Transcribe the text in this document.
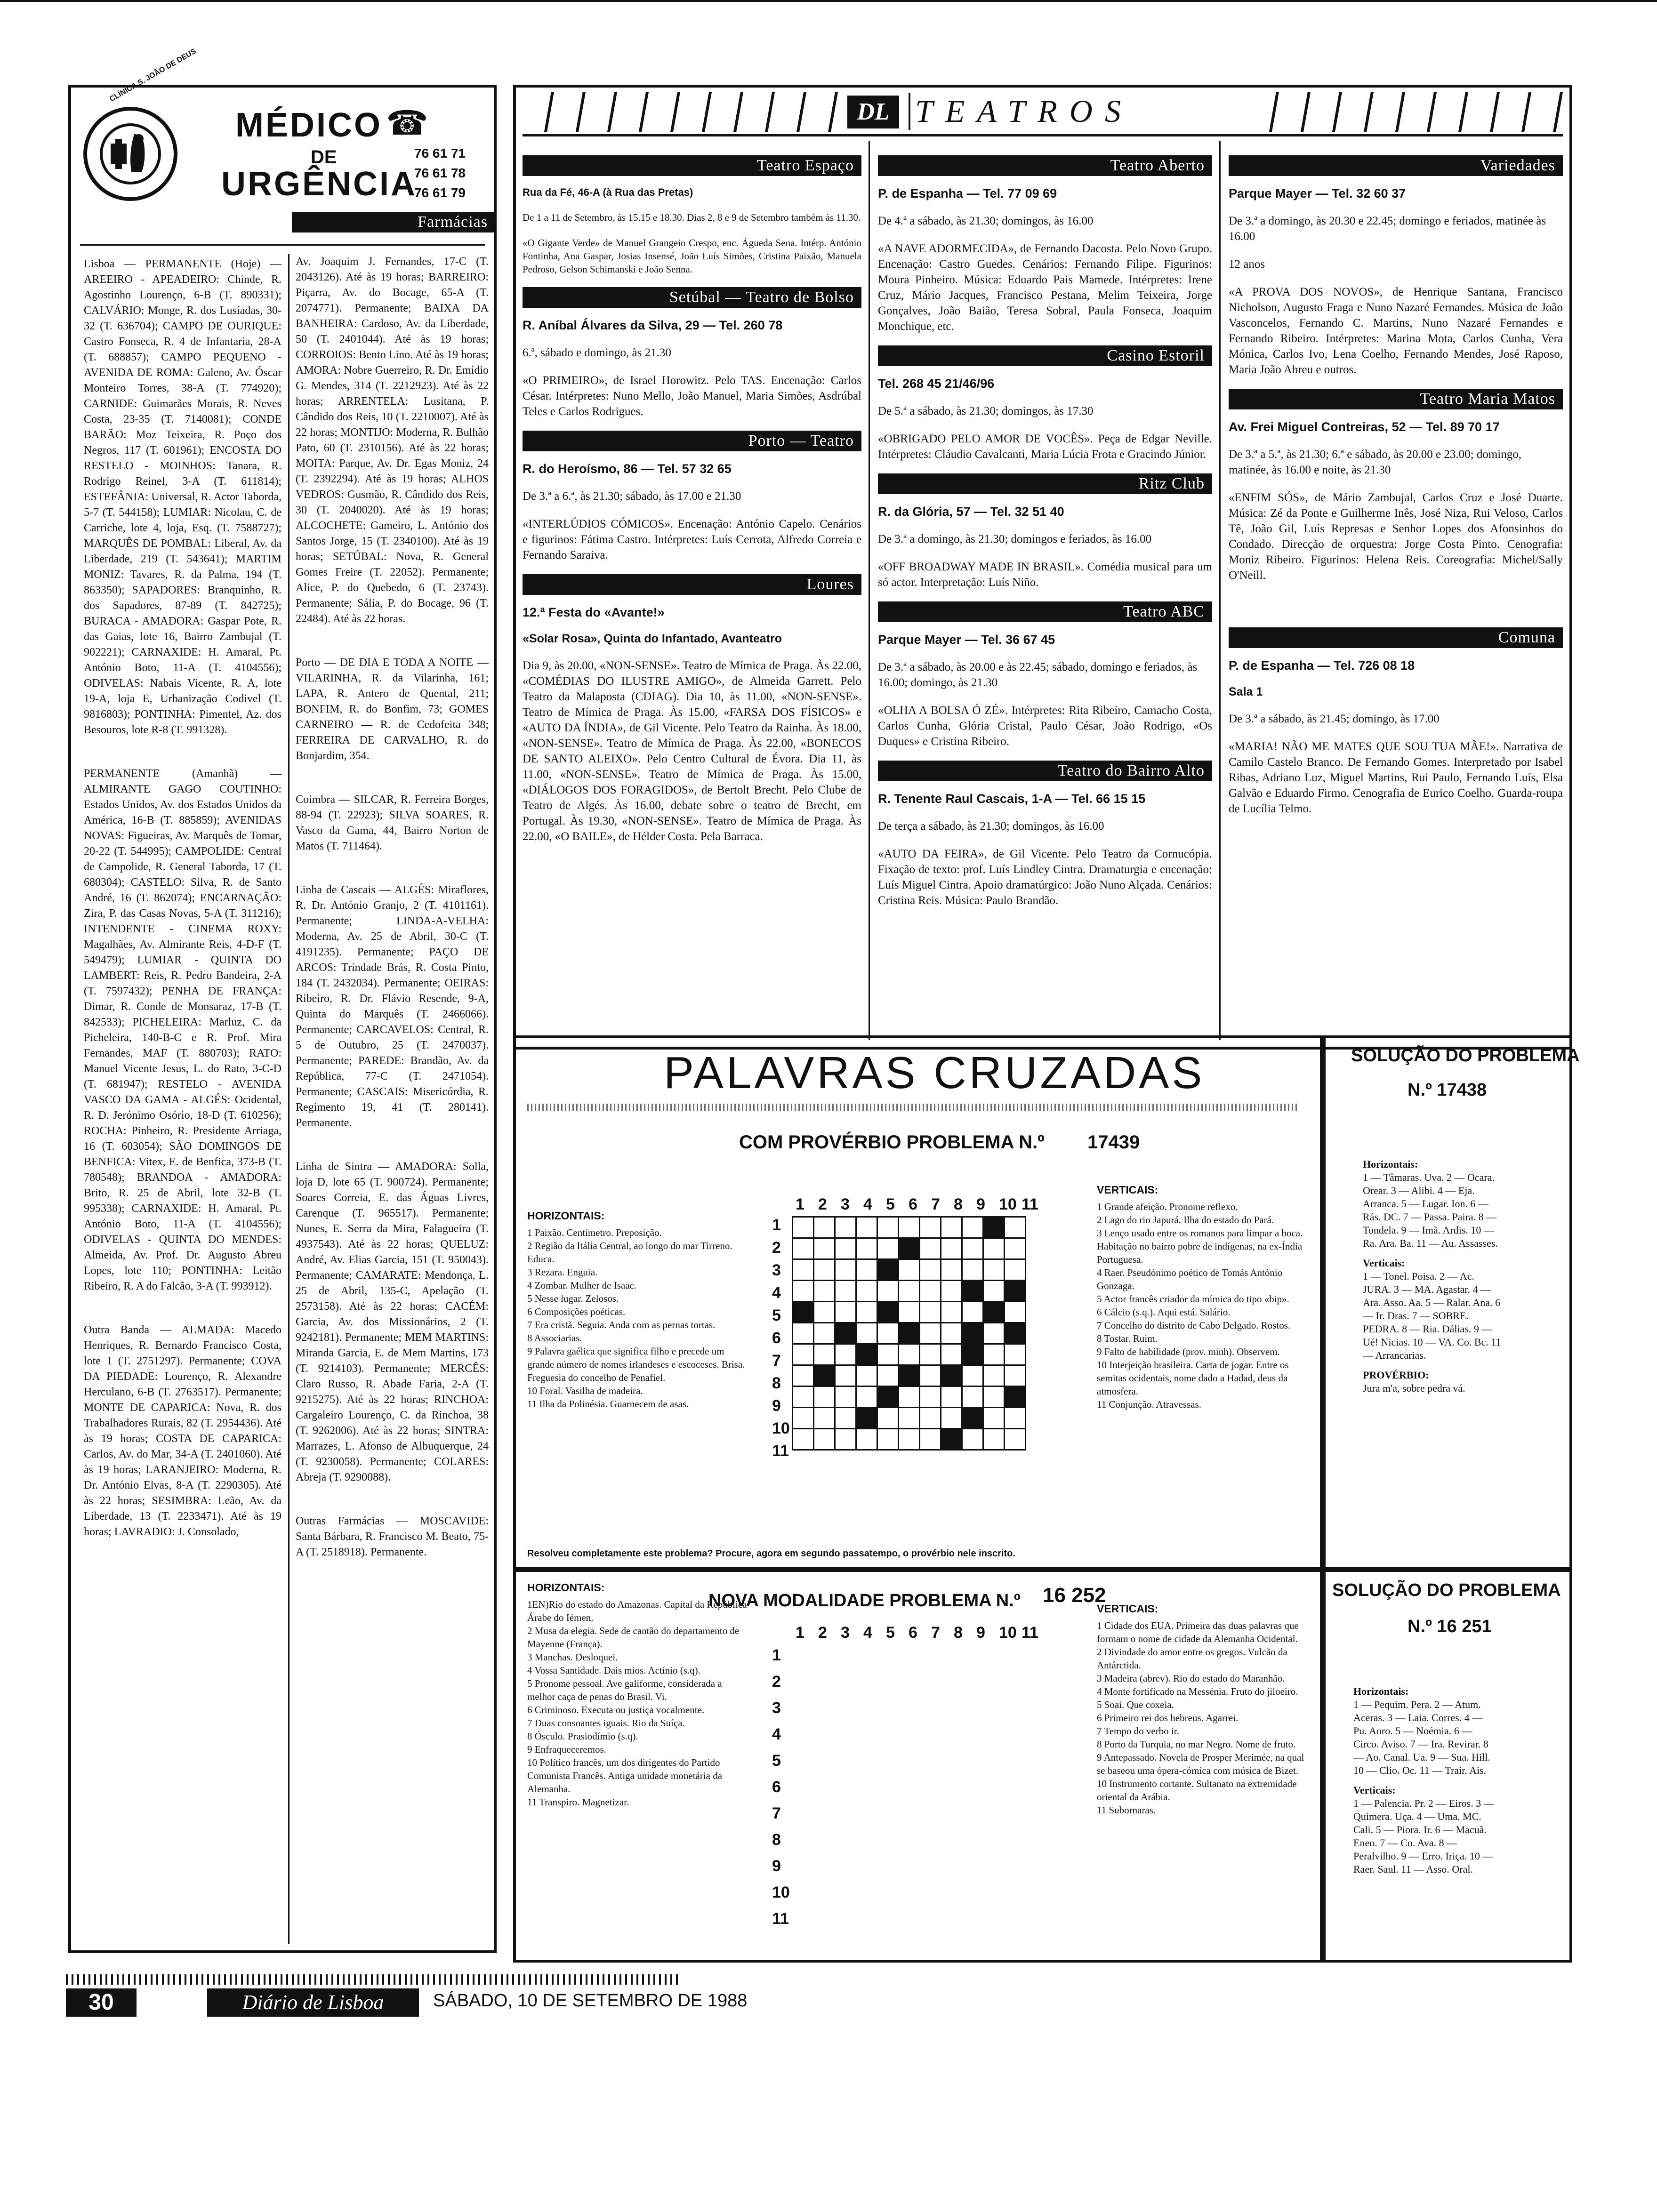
CLÍNICA S. JOÃO DE DEUS
MÉDICO ☎
DE
URGÊNCIA
76 61 71
76 61 78
76 61 79
Farmácias

Lisboa — PERMANENTE (Hoje) — AREEIRO - APEADEIRO: Chinde, R. Agostinho Lourenço, 6-B (T. 890331); CALVÁRIO: Monge, R. dos Lusíadas, 30-32 (T. 636704); CAMPO DE OURIQUE: Castro Fonseca, R. 4 de Infantaria, 28-A (T. 688857); CAMPO PEQUENO - AVENIDA DE ROMA: Galeno, Av. Óscar Monteiro Torres, 38-A (T. 774920); CARNIDE: Guimarães Morais, R. Neves Costa, 23-35 (T. 7140081); CONDE BARÃO: Moz Teixeira, R. Poço dos Negros, 117 (T. 601961); ENCOSTA DO RESTELO - MOINHOS: Tanara, R. Rodrigo Reinel, 3-A (T. 611814); ESTEFÂNIA: Universal, R. Actor Taborda, 5-7 (T. 544158); LUMIAR: Nicolau, C. de Carriche, lote 4, loja, Esq. (T. 7588727); MARQUÊS DE POMBAL: Liberal, Av. da Liberdade, 219 (T. 543641); MARTIM MONIZ: Tavares, R. da Palma, 194 (T. 863350); SAPADORES: Branquinho, R. dos Sapadores, 87-89 (T. 842725); BURACA - AMADORA: Gaspar Pote, R. das Gaias, lote 16, Bairro Zambujal (T. 902221); CARNAXIDE: H. Amaral, Pt. António Boto, 11-A (T. 4104556); ODIVELAS: Nabais Vicente, R. A, lote 19-A, loja E, Urbanização Codivel (T. 9816803); PONTINHA: Pimentel, Az. dos Besouros, lote R-8 (T. 991328).

PERMANENTE (Amanhã) — ALMIRANTE GAGO COUTINHO: Estados Unidos, Av. dos Estados Unidos da América, 16-B (T. 885859); AVENIDAS NOVAS: Figueiras, Av. Marquês de Tomar, 20-22 (T. 544995); CAMPOLIDE: Central de Campolide, R. General Taborda, 17 (T. 680304); CASTELO: Silva, R. de Santo André, 16 (T. 862074); ENCARNAÇÃO: Zira, P. das Casas Novas, 5-A (T. 311216); INTENDENTE - CINEMA ROXY: Magalhães, Av. Almirante Reis, 4-D-F (T. 549479); LUMIAR - QUINTA DO LAMBERT: Reis, R. Pedro Bandeira, 2-A (T. 7597432); PENHA DE FRANÇA: Dimar, R. Conde de Monsaraz, 17-B (T. 842533); PICHELEIRA: Marluz, C. da Picheleira, 140-B-C e R. Prof. Mira Fernandes, MAF (T. 880703); RATO: Manuel Vicente Jesus, L. do Rato, 3-C-D (T. 681947); RESTELO - AVENIDA VASCO DA GAMA - ALGÉS: Ocidental, R. D. Jerónimo Osório, 18-D (T. 610256); ROCHA: Pinheiro, R. Presidente Arriaga, 16 (T. 603054); SÃO DOMINGOS DE BENFICA: Vitex, E. de Benfica, 373-B (T. 780548); BRANDOA - AMADORA: Brito, R. 25 de Abril, lote 32-B (T. 995338); CARNAXIDE: H. Amaral, Pt. António Boto, 11-A (T. 4104556); ODIVELAS - QUINTA DO MENDES: Almeida, Av. Prof. Dr. Augusto Abreu Lopes, lote 110; PONTINHA: Leitão Ribeiro, R. A do Falcão, 3-A (T. 993912).

Outra Banda — ALMADA: Macedo Henriques, R. Bernardo Francisco Costa, lote 1 (T. 2751297). Permanente; COVA DA PIEDADE: Lourenço, R. Alexandre Herculano, 6-B (T. 2763517). Permanente; MONTE DE CAPARICA: Nova, R. dos Trabalhadores Rurais, 82 (T. 2954436). Até às 19 horas; COSTA DE CAPARICA: Carlos, Av. do Mar, 34-A (T. 2401060). Até às 19 horas; LARANJEIRO: Moderna, R. Dr. António Elvas, 8-A (T. 2290305). Até às 22 horas; SESIMBRA: Leão, Av. da Liberdade, 13 (T. 2233471). Até às 19 horas; LAVRADIO: J. Consolado,

Av. Joaquim J. Fernandes, 17-C (T. 2043126). Até às 19 horas; BARREIRO: Piçarra, Av. do Bocage, 65-A (T. 2074771). Permanente; BAIXA DA BANHEIRA: Cardoso, Av. da Liberdade, 50 (T. 2401044). Até às 19 horas; CORROIOS: Bento Lino. Até às 19 horas; AMORA: Nobre Guerreiro, R. Dr. Emídio G. Mendes, 314 (T. 2212923). Até às 22 horas; ARRENTELA: Lusitana, P. Cândido dos Reis, 10 (T. 2210007). Até às 22 horas; MONTIJO: Moderna, R. Bulhão Pato, 60 (T. 2310156). Até às 22 horas; MOITA: Parque, Av. Dr. Egas Moniz, 24 (T. 2392294). Até às 19 horas; ALHOS VEDROS: Gusmão, R. Cândido dos Reis, 30 (T. 2040020). Até às 19 horas; ALCOCHETE: Gameiro, L. António dos Santos Jorge, 15 (T. 2340100). Até às 19 horas; SETÚBAL: Nova, R. General Gomes Freire (T. 22052). Permanente; Alice, P. do Quebedo, 6 (T. 23743). Permanente; Sália, P. do Bocage, 96 (T. 22484). Até às 22 horas.

Porto — DE DIA E TODA A NOITE — VILARINHA, R. da Vilarinha, 161; LAPA, R. Antero de Quental, 211; BONFIM, R. do Bonfim, 73; GOMES CARNEIRO — R. de Cedofeita 348; FERREIRA DE CARVALHO, R. do Bonjardim, 354.

Coimbra — SILCAR, R. Ferreira Borges, 88-94 (T. 22923); SILVA SOARES, R. Vasco da Gama, 44, Bairro Norton de Matos (T. 711464).

Linha de Cascais — ALGÉS: Miraflores, R. Dr. António Granjo, 2 (T. 4101161). Permanente; LINDA-A-VELHA: Moderna, Av. 25 de Abril, 30-C (T. 4191235). Permanente; PAÇO DE ARCOS: Trindade Brás, R. Costa Pinto, 184 (T. 2432034). Permanente; OEIRAS: Ribeiro, R. Dr. Flávio Resende, 9-A, Quinta do Marquês (T. 2466066). Permanente; CARCAVELOS: Central, R. 5 de Outubro, 25 (T. 2470037). Permanente; PAREDE: Brandão, Av. da República, 77-C (T. 2471054). Permanente; CASCAIS: Misericórdia, R. Regimento 19, 41 (T. 280141). Permanente.

Linha de Sintra — AMADORA: Solla, loja D, lote 65 (T. 900724). Permanente; Soares Correia, E. das Águas Livres, Carenque (T. 965517). Permanente; Nunes, E. Serra da Mira, Falagueira (T. 4937543). Até às 22 horas; QUELUZ: André, Av. Elias Garcia, 151 (T. 950043). Permanente; CAMARATE: Mendonça, L. 25 de Abril, 135-C, Apelação (T. 2573158). Até às 22 horas; CACÉM: Garcia, Av. dos Missionários, 2 (T. 9242181). Permanente; MEM MARTINS: Miranda Garcia, E. de Mem Martins, 173 (T. 9214103). Permanente; MERCÊS: Claro Russo, R. Abade Faria, 2-A (T. 9215275). Até às 22 horas; RINCHOA: Cargaleiro Lourenço, C. da Rinchoa, 38 (T. 9262006). Até às 22 horas; SINTRA: Marrazes, L. Afonso de Albuquerque, 24 (T. 9230058). Permanente; COLARES: Abreja (T. 9290088).

Outras Farmácias — MOSCAVIDE: Santa Bárbara, R. Francisco M. Beato, 75-A (T. 2518918). Permanente.

DL TEATROS
Teatro Espaço
Rua da Fé, 46-A (à Rua das Pretas)
De 1 a 11 de Setembro, às 15.15 e 18.30. Dias 2, 8 e 9 de Setembro também às 11.30.
«O Gigante Verde» de Manuel Grangeio Crespo, enc. Águeda Sena. Intérp. António Fontinha, Ana Gaspar, Josias Insensé, João Luís Simões, Cristina Paixão, Manuela Pedroso, Gelson Schimanski e João Senna.
Setúbal — Teatro de Bolso
R. Aníbal Álvares da Silva, 29 — Tel. 260 78
6.ª, sábado e domingo, às 21.30
«O PRIMEIRO», de Israel Horowitz. Pelo TAS. Encenação: Carlos César. Intérpretes: Nuno Mello, João Manuel, Maria Simões, Asdrúbal Teles e Carlos Rodrigues.
Porto — Teatro
R. do Heroísmo, 86 — Tel. 57 32 65
De 3.ª a 6.ª, às 21.30; sábado, às 17.00 e 21.30
«INTERLÚDIOS CÓMICOS». Encenação: António Capelo. Cenários e figurinos: Fátima Castro. Intérpretes: Luís Cerrota, Alfredo Correia e Fernando Saraiva.
Loures
12.ª Festa do «Avante!»
«Solar Rosa», Quinta do Infantado, Avanteatro
Dia 9, às 20.00, «NON-SENSE». Teatro de Mímica de Praga. Às 22.00, «COMÉDIAS DO ILUSTRE AMIGO», de Almeida Garrett. Pelo Teatro da Malaposta (CDIAG). Dia 10, às 11.00, «NON-SENSE». Teatro de Mímica de Praga. Às 15.00, «FARSA DOS FÍSICOS» e «AUTO DA ÍNDIA», de Gil Vicente. Pelo Teatro da Rainha. Às 18.00, «NON-SENSE». Teatro de Mímica de Praga. Às 22.00, «BONECOS DE SANTO ALEIXO». Pelo Centro Cultural de Évora. Dia 11, às 11.00, «NON-SENSE». Teatro de Mímica de Praga. Às 15.00, «DIÁLOGOS DOS FORAGIDOS», de Bertolt Brecht. Pelo Clube de Teatro de Algés. Às 16.00, debate sobre o teatro de Brecht, em Portugal. Às 19.30, «NON-SENSE». Teatro de Mímica de Praga. Às 22.00, «O BAILE», de Hélder Costa. Pela Barraca.
Teatro Aberto
P. de Espanha — Tel. 77 09 69
De 4.ª a sábado, às 21.30; domingos, às 16.00
«A NAVE ADORMECIDA», de Fernando Dacosta. Pelo Novo Grupo. Encenação: Castro Guedes. Cenários: Fernando Filipe. Figurinos: Moura Pinheiro. Música: Eduardo Pais Mamede. Intérpretes: Irene Cruz, Mário Jacques, Francisco Pestana, Melim Teixeira, Jorge Gonçalves, João Baião, Teresa Sobral, Paula Fonseca, Joaquim Monchique, etc.
Casino Estoril
Tel. 268 45 21/46/96
De 5.ª a sábado, às 21.30; domingos, às 17.30
«OBRIGADO PELO AMOR DE VOCÊS». Peça de Edgar Neville. Intérpretes: Cláudio Cavalcanti, Maria Lúcia Frota e Gracindo Júnior.
Ritz Club
R. da Glória, 57 — Tel. 32 51 40
De 3.ª a domingo, às 21.30; domingos e feriados, às 16.00
«OFF BROADWAY MADE IN BRASIL». Comédia musical para um só actor. Interpretação: Luís Niño.
Teatro ABC
Parque Mayer — Tel. 36 67 45
De 3.ª a sábado, às 20.00 e às 22.45; sábado, domingo e feriados, às 16.00; domingo, às 21.30
«OLHA A BOLSA Ó ZÉ». Intérpretes: Rita Ribeiro, Camacho Costa, Carlos Cunha, Glória Cristal, Paulo César, João Rodrigo, «Os Duques» e Cristina Ribeiro.
Teatro do Bairro Alto
R. Tenente Raul Cascais, 1-A — Tel. 66 15 15
De terça a sábado, às 21.30; domingos, às 16.00
«AUTO DA FEIRA», de Gil Vicente. Pelo Teatro da Cornucópia. Fixação de texto: prof. Luís Lindley Cintra. Dramaturgia e encenação: Luís Miguel Cintra. Apoio dramatúrgico: João Nuno Alçada. Cenários: Cristina Reis. Música: Paulo Brandão.
Variedades
Parque Mayer — Tel. 32 60 37
De 3.ª a domingo, às 20.30 e 22.45; domingo e feriados, matinée às 16.00
12 anos
«A PROVA DOS NOVOS», de Henrique Santana, Francisco Nicholson, Augusto Fraga e Nuno Nazaré Fernandes. Música de João Vasconcelos, Fernando C. Martins, Nuno Nazaré Fernandes e Fernando Ribeiro. Intérpretes: Marina Mota, Carlos Cunha, Vera Mónica, Carlos Ivo, Lena Coelho, Fernando Mendes, José Raposo, Maria João Abreu e outros.
Teatro Maria Matos
Av. Frei Miguel Contreiras, 52 — Tel. 89 70 17
De 3.ª a 5.ª, às 21.30; 6.ª e sábado, às 20.00 e 23.00; domingo, matinée, às 16.00 e noite, às 21.30
«ENFIM SÓS», de Mário Zambujal, Carlos Cruz e José Duarte. Música: Zé da Ponte e Guilherme Inês, José Niza, Rui Veloso, Carlos Tê, João Gil, Luís Represas e Senhor Lopes dos Afonsinhos do Condado. Direcção de orquestra: Jorge Costa Pinto. Cenografia: Moniz Ribeiro. Figurinos: Helena Reis. Coreografia: Michel/Sally O'Neill.
Comuna
P. de Espanha — Tel. 726 08 18
Sala 1
De 3.ª a sábado, às 21.45; domingo, às 17.00
«MARIA! NÃO ME MATES QUE SOU TUA MÃE!». Narrativa de Camilo Castelo Branco. De Fernando Gomes. Interpretado por Isabel Ribas, Adriano Luz, Miguel Martins, Rui Paulo, Fernando Luís, Elsa Galvão e Eduardo Firmo. Cenografia de Eurico Coelho. Guarda-roupa de Lucília Telmo.
PALAVRAS CRUZADAS
COM PROVÉRBIO PROBLEMA N.º 17439
HORIZONTAIS:

1 Paixão. Centímetro. Preposição.

2 Região da Itália Central, ao longo do mar Tirreno. Educa.

3 Rezara. Enguia.

4 Zombar. Mulher de Isaac.

5 Nesse lugar. Zelosos.

6 Composições poéticas.

7 Era cristã. Seguia. Anda com as pernas tortas.

8 Associarias.

9 Palavra gaélica que significa filho e precede um grande número de nomes irlandeses e escoceses. Brisa. Freguesia do concelho de Penafiel.

10 Foral. Vasilha de madeira.

11 Ilha da Polinésia. Guarnecem de asas.

1 2 3 4 5 6 7 8 9 10 11
1
2
3
4
5
6
7
8
9
10
11

VERTICAIS:

1 Grande afeição. Pronome reflexo.

2 Lago do rio Japurá. Ilha do estado do Pará.

3 Lenço usado entre os romanos para limpar a boca. Habitação no bairro pobre de indígenas, na ex-Índia Portuguesa.

4 Raer. Pseudónimo poético de Tomás António Gonzaga.

5 Actor francês criador da mímica do tipo «bip».

6 Cálcio (s.q.). Aqui está. Salário.

7 Concelho do distrito de Cabo Delgado. Rostos.

8 Tostar. Ruim.

9 Falto de habilidade (prov. minh). Observem.

10 Interjeição brasileira. Carta de jogar. Entre os semitas ocidentais, nome dado a Hadad, deus da atmosfera.

11 Conjunção. Atravessas.

Resolveu completamente este problema? Procure, agora em segundo passatempo, o provérbio nele inscrito.
SOLUÇÃO DO PROBLEMA
N.º 17438
Horizontais:
1 — Tâmaras. Uva. 2 — Ocara. Orear. 3 — Alibi. 4 — Eja. Arranca. 5 — Lugar. Ion. 6 — Rás. DC. 7 — Passa. Paira. 8 — Tondela. 9 — Imã. Ardis. 10 — Ra. Ara. Ba. 11 — Au. Assasses.
Verticais:
1 — Tonel. Poisa. 2 — Ac. JURA. 3 — MA. Agastar. 4 — Ara. Asso. Aa. 5 — Ralar. Ana. 6 — Ir. Dras. 7 — SOBRE. PEDRA. 8 — Ria. Dálias. 9 — Ué! Nicias. 10 — VA. Co. Bc. 11 — Arrancarias.
PROVÉRBIO:
Jura m'a, sobre pedra vá.
HORIZONTAIS:

1EN)Rio do estado do Amazonas. Capital da República Árabe do Iémen.

2 Musa da elegia. Sede de cantão do departamento de Mayenne (França).

3 Manchas. Desloquei.

4 Vossa Santidade. Dais mios. Actínio (s.q).

5 Pronome pessoal. Ave galiforme, considerada a melhor caça de penas do Brasil. Vi.

6 Criminoso. Executa ou justiça vocalmente.

7 Duas consoantes iguais. Rio da Suíça.

8 Ósculo. Prasiodímio (s.q).

9 Enfraqueceremos.

10 Político francês, um dos dirigentes do Partido Comunista Francês. Antiga unidade monetária da Alemanha.

11 Transpiro. Magnetizar.

NOVA MODALIDADE PROBLEMA N.º 16 252
1 2 3 4 5 6 7 8 9 10 11
1
2
3
4
5
6
7
8
9
10
11
VERTICAIS:

1 Cidade dos EUA. Primeira das duas palavras que formam o nome de cidade da Alemanha Ocidental.

2 Divindade do amor entre os gregos. Vulcão da Antárctida.

3 Madeira (abrev). Rio do estado do Maranhão.

4 Monte fortificado na Messénia. Fruto do jiloeiro.

5 Soai. Que coxeia.

6 Primeiro rei dos hebreus. Agarrei.

7 Tempo do verbo ir.

8 Porto da Turquia, no mar Negro. Nome de fruto.

9 Antepassado. Novela de Prosper Merimée, na qual se baseou uma ópera-cómica com música de Bizet.

10 Instrumento cortante. Sultanato na extremidade oriental da Arábia.

11 Subornaras.

SOLUÇÃO DO PROBLEMA
N.º 16 251
Horizontais:
1 — Pequim. Pera. 2 — Atum. Aceras. 3 — Laia. Corres. 4 — Pu. Aoro. 5 — Noémia. 6 — Circo. Aviso. 7 — Ira. Revirar. 8 — Ao. Canal. Ua. 9 — Sua. Hill. 10 — Clio. Oc. 11 — Trair. Ais.
Verticais:
1 — Palencia. Pr. 2 — Eiros. 3 — Quimera. Uça. 4 — Uma. MC. Cali. 5 — Piora. Ir. 6 — Macuã. Eneo. 7 — Co. Ava. 8 — Peralvilho. 9 — Erro. Iriça. 10 — Raer. Saul. 11 — Asso. Oral.
30	Diário de Lisboa	SÁBADO, 10 DE SETEMBRO DE 1988
